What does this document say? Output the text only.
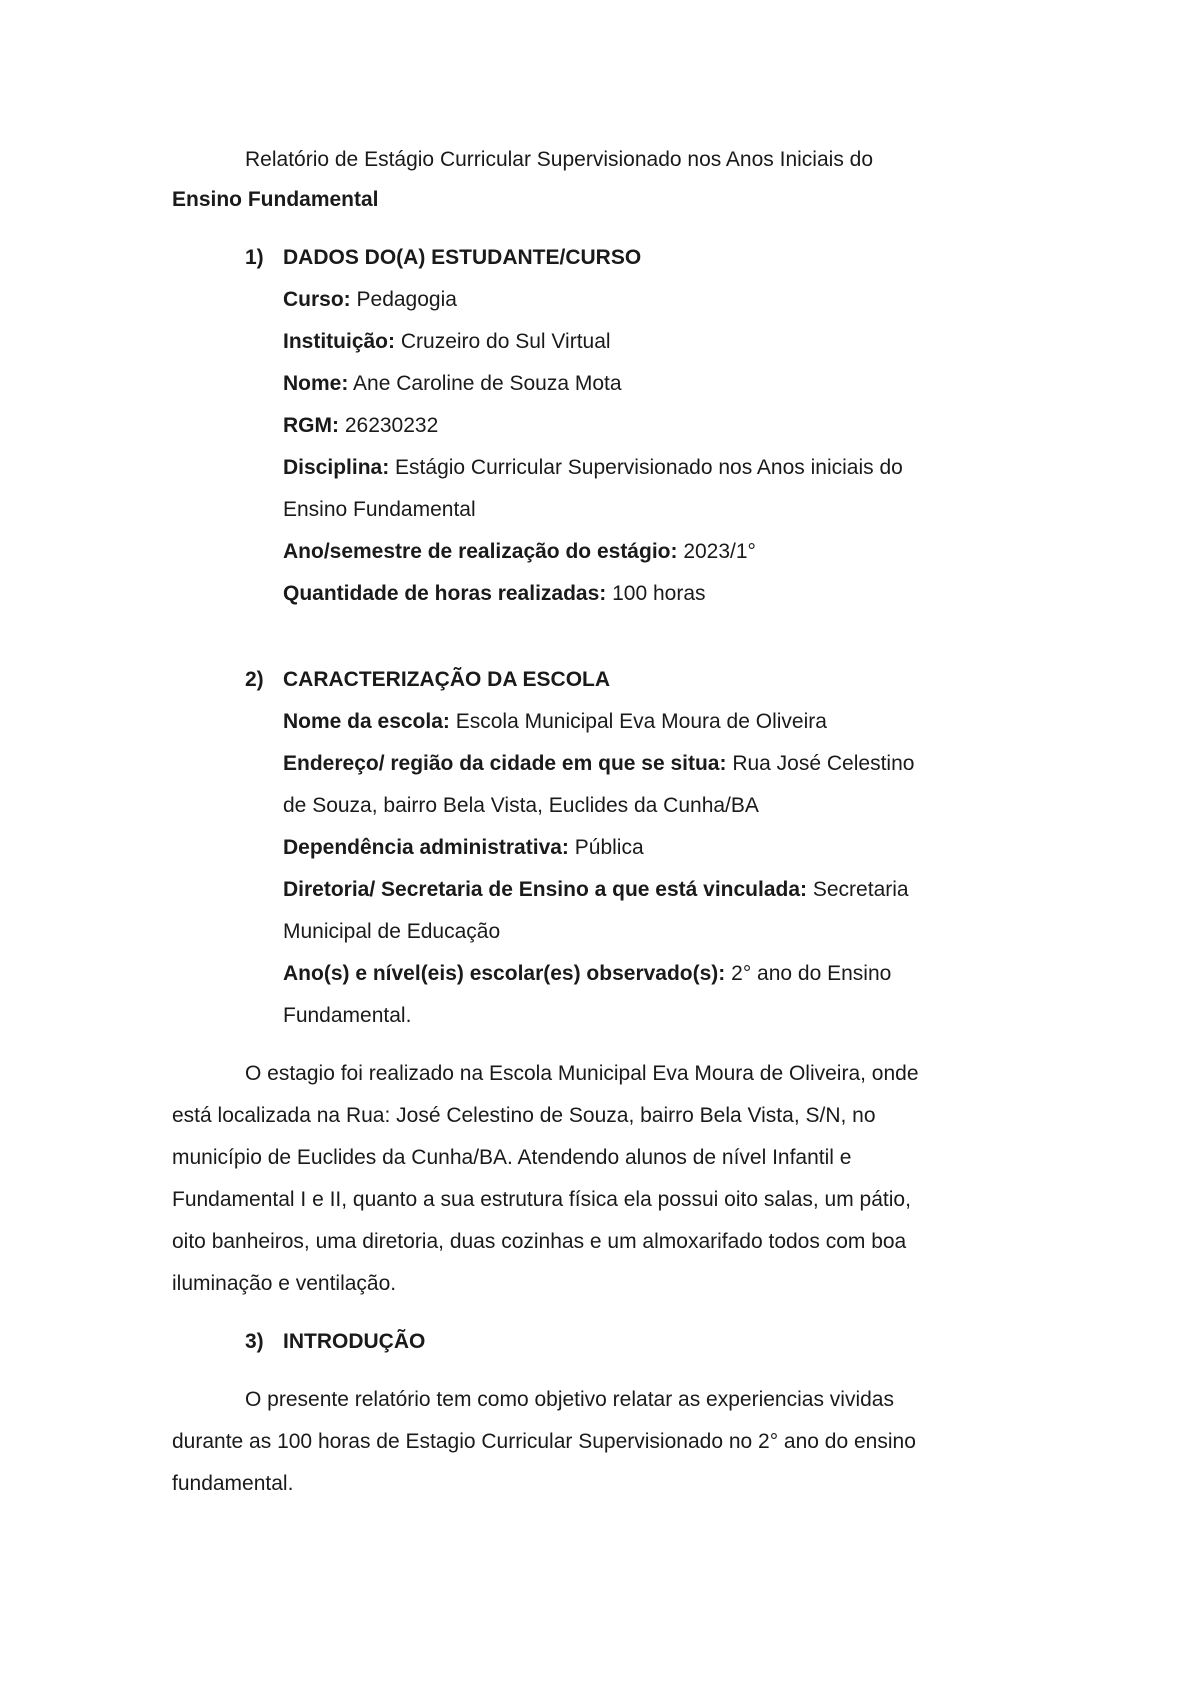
Relatório de Estágio Curricular Supervisionado nos Anos Iniciais do
Ensino Fundamental
1) DADOS DO(A) ESTUDANTE/CURSO
Curso: Pedagogia
Instituição: Cruzeiro do Sul Virtual
Nome: Ane Caroline de Souza Mota
RGM: 26230232
Disciplina: Estágio Curricular Supervisionado nos Anos iniciais do
Ensino Fundamental
Ano/semestre de realização do estágio: 2023/1°
Quantidade de horas realizadas: 100 horas
2) CARACTERIZAÇÃO DA ESCOLA
Nome da escola: Escola Municipal Eva Moura de Oliveira
Endereço/ região da cidade em que se situa: Rua José Celestino
de Souza, bairro Bela Vista, Euclides da Cunha/BA
Dependência administrativa: Pública
Diretoria/ Secretaria de Ensino a que está vinculada: Secretaria
Municipal de Educação
Ano(s) e nível(eis) escolar(es) observado(s): 2° ano do Ensino
Fundamental.
O estagio foi realizado na Escola Municipal Eva Moura de Oliveira, onde
está localizada na Rua: José Celestino de Souza, bairro Bela Vista, S/N, no
município de Euclides da Cunha/BA. Atendendo alunos de nível Infantil e
Fundamental I e II, quanto a sua estrutura física ela possui oito salas, um pátio,
oito banheiros, uma diretoria, duas cozinhas e um almoxarifado todos com boa
iluminação e ventilação.
3) INTRODUÇÃO
O presente relatório tem como objetivo relatar as experiencias vividas
durante as 100 horas de Estagio Curricular Supervisionado no 2° ano do ensino
fundamental.
